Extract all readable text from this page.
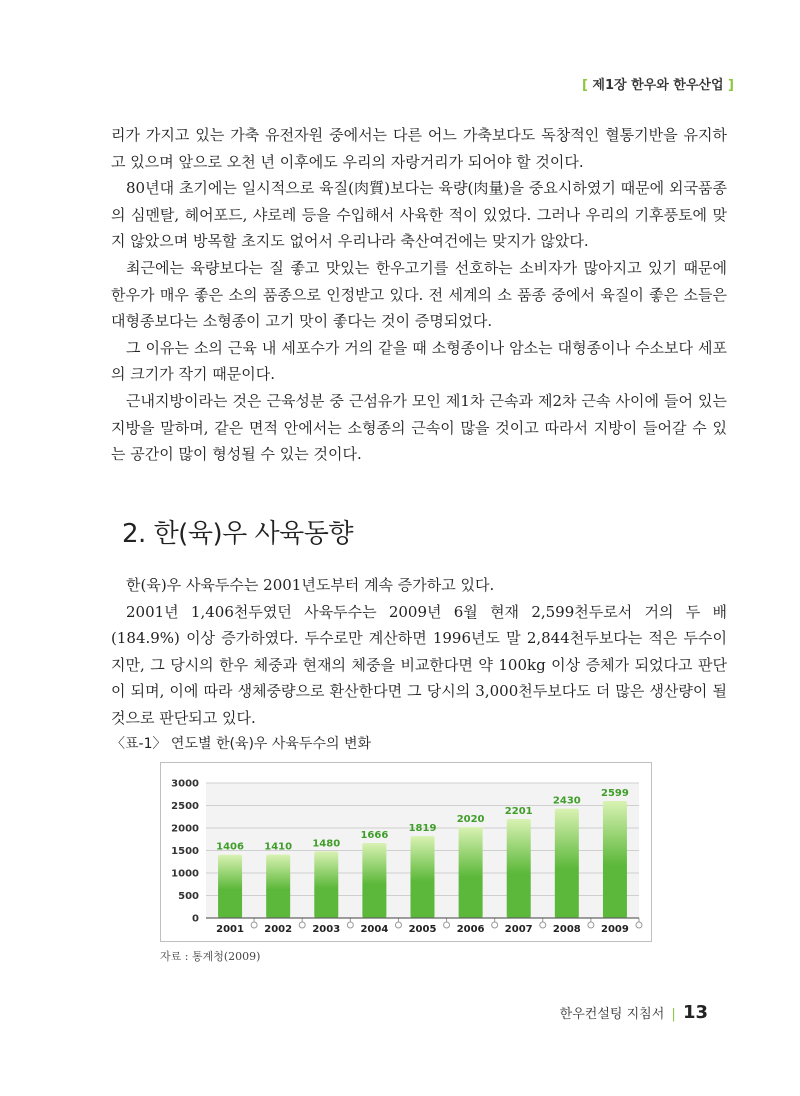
[ 제1장 한우와 한우산업 ]

리가 가지고 있는 가축 유전자원 중에서는 다른 어느 가축보다도 독창적인 혈통기반을 유지하고 있으며 앞으로 오천 년 이후에도 우리의 자랑거리가 되어야 할 것이다.

80년대 초기에는 일시적으로 육질(肉質)보다는 육량(肉量)을 중요시하였기 때문에 외국품종의 심멘탈, 헤어포드, 샤로레 등을 수입해서 사육한 적이 있었다. 그러나 우리의 기후풍토에 맞지 않았으며 방목할 초지도 없어서 우리나라 축산여건에는 맞지가 않았다.

최근에는 육량보다는 질 좋고 맛있는 한우고기를 선호하는 소비자가 많아지고 있기 때문에 한우가 매우 좋은 소의 품종으로 인정받고 있다. 전 세계의 소 품종 중에서 육질이 좋은 소들은 대형종보다는 소형종이 고기 맛이 좋다는 것이 증명되었다.

그 이유는 소의 근육 내 세포수가 거의 같을 때 소형종이나 암소는 대형종이나 수소보다 세포의 크기가 작기 때문이다.

근내지방이라는 것은 근육성분 중 근섬유가 모인 제1차 근속과 제2차 근속 사이에 들어 있는 지방을 말하며, 같은 면적 안에서는 소형종의 근속이 많을 것이고 따라서 지방이 들어갈 수 있는 공간이 많이 형성될 수 있는 것이다.

2. 한(육)우 사육동향

한(육)우 사육두수는 2001년도부터 계속 증가하고 있다.

2001년 1,406천두였던 사육두수는 2009년 6월 현재 2,599천두로서 거의 두 배(184.9%) 이상 증가하였다. 두수로만 계산하면 1996년도 말 2,844천두보다는 적은 두수이지만, 그 당시의 한우 체중과 현재의 체중을 비교한다면 약 100kg 이상 증체가 되었다고 판단이 되며, 이에 따라 생체중량으로 환산한다면 그 당시의 3,000천두보다도 더 많은 생산량이 될 것으로 판단되고 있다.

〈표-1〉 연도별 한(육)우 사육두수의 변화
0
500
1000
1500
2000
2500
3000
1406
2001
1410
2002
1480
2003
1666
2004
1819
2005
2020
2006
2201
2007
2430
2008
2599
2009
자료 : 통계청(2009)
한우컨설팅 지침서 | 13
